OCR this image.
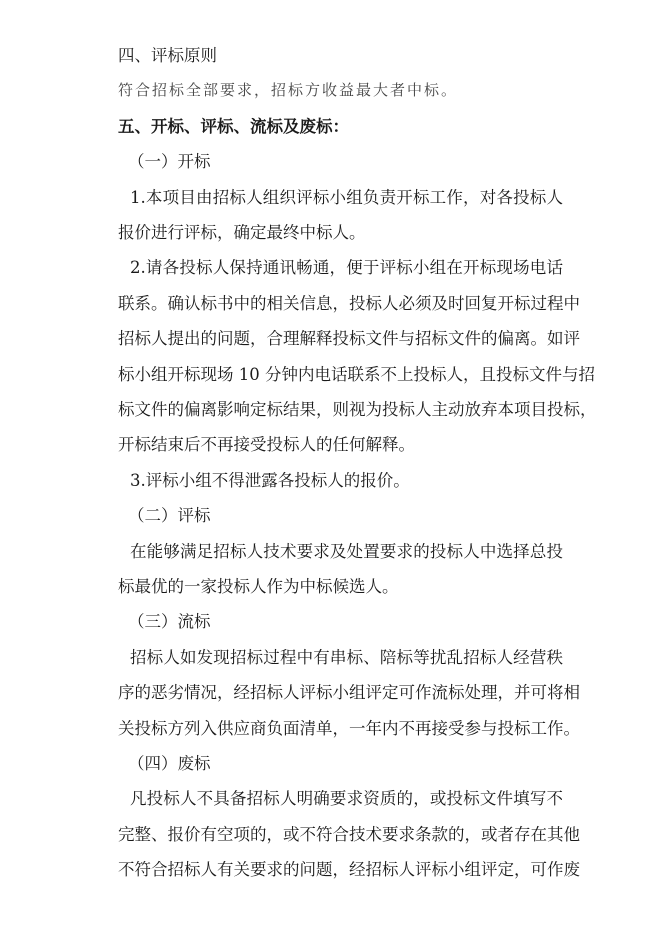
四、评标原则
符合招标全部要求，招标方收益最大者中标。
五、开标、评标、流标及废标：
（一）开标
1.本项目由招标人组织评标小组负责开标工作，对各投标人
报价进行评标，确定最终中标人。
2.请各投标人保持通讯畅通，便于评标小组在开标现场电话
联系。确认标书中的相关信息，投标人必须及时回复开标过程中
招标人提出的问题，合理解释投标文件与招标文件的偏离。如评
标小组开标现场 10 分钟内电话联系不上投标人，且投标文件与招
标文件的偏离影响定标结果，则视为投标人主动放弃本项目投标，
开标结束后不再接受投标人的任何解释。
3.评标小组不得泄露各投标人的报价。
（二）评标
在能够满足招标人技术要求及处置要求的投标人中选择总投
标最优的一家投标人作为中标候选人。
（三）流标
招标人如发现招标过程中有串标、陪标等扰乱招标人经营秩
序的恶劣情况，经招标人评标小组评定可作流标处理，并可将相
关投标方列入供应商负面清单，一年内不再接受参与投标工作。
（四）废标
凡投标人不具备招标人明确要求资质的，或投标文件填写不
完整、报价有空项的，或不符合技术要求条款的，或者存在其他
不符合招标人有关要求的问题，经招标人评标小组评定，可作废
